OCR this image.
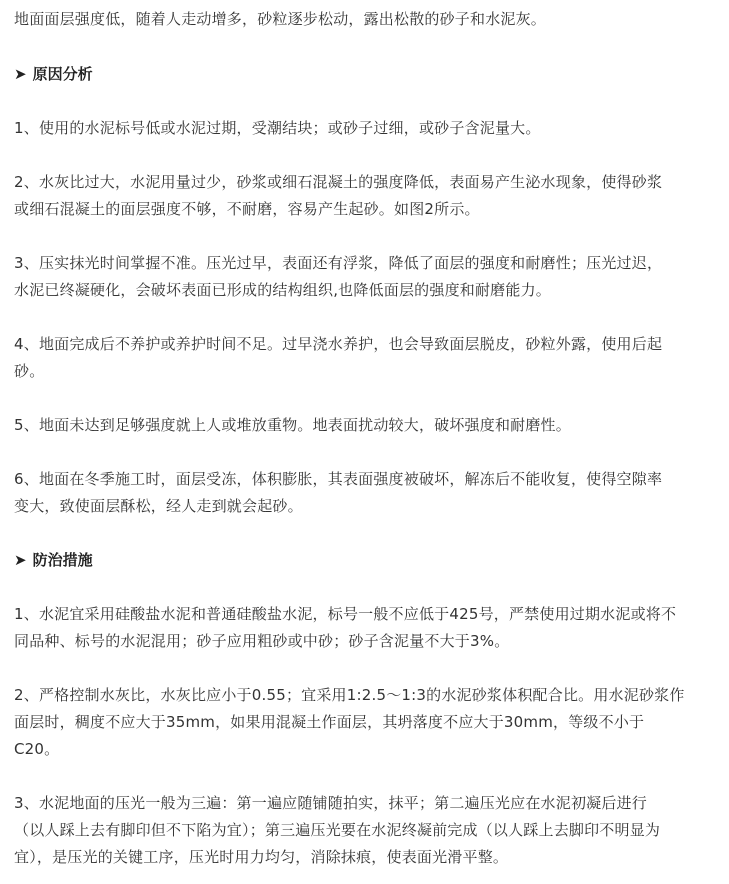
地面面层强度低，随着人走动增多，砂粒逐步松动，露出松散的砂子和水泥灰。

➤ 原因分析

1、使用的水泥标号低或水泥过期，受潮结块；或砂子过细，或砂子含泥量大。

2、水灰比过大，水泥用量过少，砂浆或细石混凝土的强度降低，表面易产生泌水现象，使得砂浆
或细石混凝土的面层强度不够，不耐磨，容易产生起砂。如图2所示。

3、压实抹光时间掌握不准。压光过早，表面还有浮浆，降低了面层的强度和耐磨性；压光过迟，
水泥已终凝硬化，会破坏表面已形成的结构组织,也降低面层的强度和耐磨能力。

4、地面完成后不养护或养护时间不足。过早浇水养护，也会导致面层脱皮，砂粒外露，使用后起
砂。

5、地面未达到足够强度就上人或堆放重物。地表面扰动较大，破坏强度和耐磨性。

6、地面在冬季施工时，面层受冻，体积膨胀，其表面强度被破坏，解冻后不能收复，使得空隙率
变大，致使面层酥松，经人走到就会起砂。

➤ 防治措施

1、水泥宜采用硅酸盐水泥和普通硅酸盐水泥，标号一般不应低于425号，严禁使用过期水泥或将不
同品种、标号的水泥混用；砂子应用粗砂或中砂；砂子含泥量不大于3%。

2、严格控制水灰比，水灰比应小于0.55；宜采用1:2.5～1:3的水泥砂浆体积配合比。用水泥砂浆作
面层时，稠度不应大于35mm，如果用混凝土作面层，其坍落度不应大于30mm，等级不小于
C20。

3、水泥地面的压光一般为三遍：第一遍应随铺随拍实，抹平；第二遍压光应在水泥初凝后进行
（以人踩上去有脚印但不下陷为宜）；第三遍压光要在水泥终凝前完成（以人踩上去脚印不明显为
宜），是压光的关键工序，压光时用力均匀，消除抹痕，使表面光滑平整。
